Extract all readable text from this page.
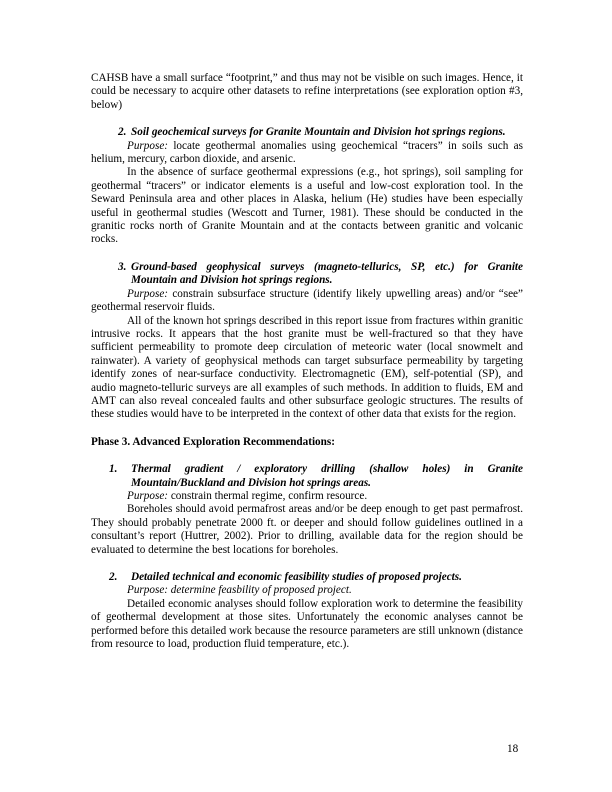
CAHSB have a small surface “footprint,” and thus may not be visible on such images. Hence, it could be necessary to acquire other datasets to refine interpretations (see exploration option #3, below)

2. Soil geochemical surveys for Granite Mountain and Division hot springs regions.

Purpose: locate geothermal anomalies using geochemical “tracers” in soils such as helium, mercury, carbon dioxide, and arsenic.

In the absence of surface geothermal expressions (e.g., hot springs), soil sampling for geothermal “tracers” or indicator elements is a useful and low-cost exploration tool. In the Seward Peninsula area and other places in Alaska, helium (He) studies have been especially useful in geothermal studies (Wescott and Turner, 1981). These should be conducted in the granitic rocks north of Granite Mountain and at the contacts between granitic and volcanic rocks.

3. Ground-based geophysical surveys (magneto-tellurics, SP, etc.) for Granite Mountain and Division hot springs regions.

Purpose: constrain subsurface structure (identify likely upwelling areas) and/or “see” geothermal reservoir fluids.

All of the known hot springs described in this report issue from fractures within granitic intrusive rocks. It appears that the host granite must be well-fractured so that they have sufficient permeability to promote deep circulation of meteoric water (local snowmelt and rainwater). A variety of geophysical methods can target subsurface permeability by targeting identify zones of near-surface conductivity. Electromagnetic (EM), self-potential (SP), and audio magneto-telluric surveys are all examples of such methods. In addition to fluids, EM and AMT can also reveal concealed faults and other subsurface geologic structures. The results of these studies would have to be interpreted in the context of other data that exists for the region.

Phase 3. Advanced Exploration Recommendations:

1.	Thermal gradient / exploratory drilling (shallow holes) in Granite Mountain/Buckland and Division hot springs areas.

Purpose: constrain thermal regime, confirm resource.

Boreholes should avoid permafrost areas and/or be deep enough to get past permafrost. They should probably penetrate 2000 ft. or deeper and should follow guidelines outlined in a consultant’s report (Huttrer, 2002). Prior to drilling, available data for the region should be evaluated to determine the best locations for boreholes.

2.	Detailed technical and economic feasibility studies of proposed projects.

Purpose: determine feasbility of proposed project.

Detailed economic analyses should follow exploration work to determine the feasibility of geothermal development at those sites. Unfortunately the economic analyses cannot be performed before this detailed work because the resource parameters are still unknown (distance from resource to load, production fluid temperature, etc.).

18
